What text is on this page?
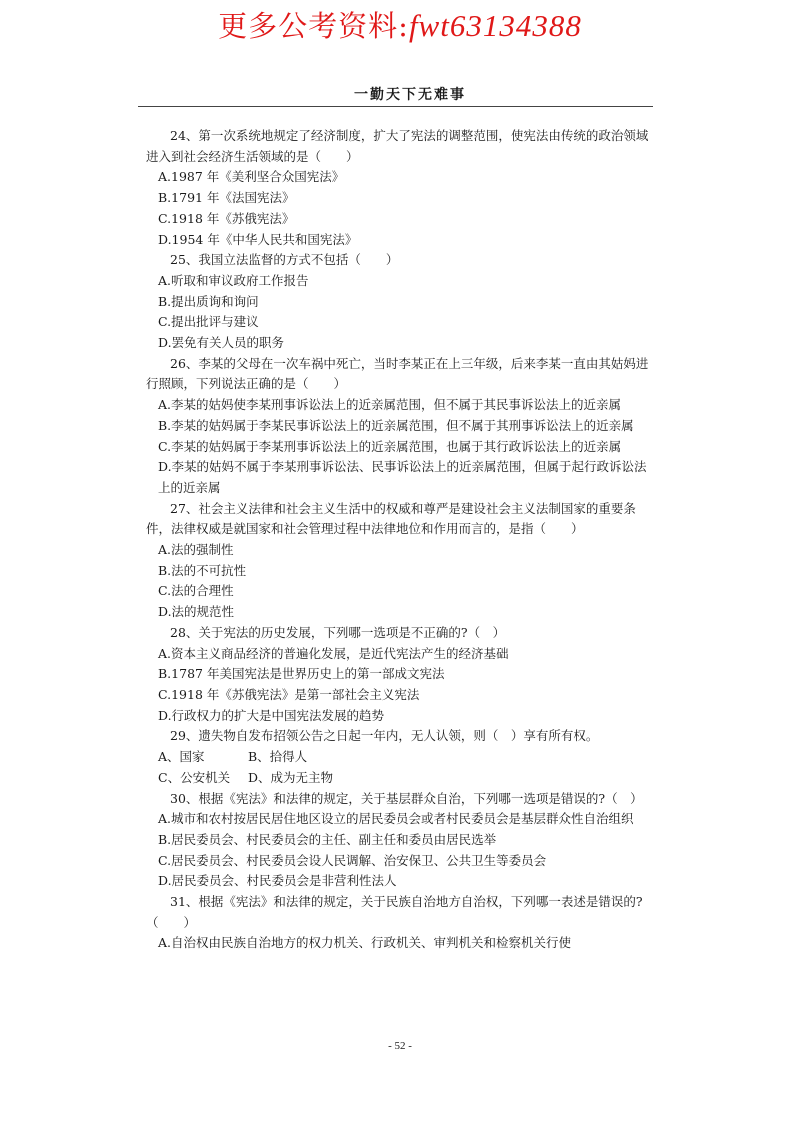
更多公考资料:fwt63134388
一勤天下无难事

24、第一次系统地规定了经济制度，扩大了宪法的调整范围，使宪法由传统的政治领域进入到社会经济生活领域的是（　　）

A.1987 年《美利坚合众国宪法》

B.1791 年《法国宪法》

C.1918 年《苏俄宪法》

D.1954 年《中华人民共和国宪法》

25、我国立法监督的方式不包括（　　）

A.听取和审议政府工作报告

B.提出质询和询问

C.提出批评与建议

D.罢免有关人员的职务

26、李某的父母在一次车祸中死亡，当时李某正在上三年级，后来李某一直由其姑妈进行照顾，下列说法正确的是（　　）

A.李某的姑妈使李某刑事诉讼法上的近亲属范围，但不属于其民事诉讼法上的近亲属

B.李某的姑妈属于李某民事诉讼法上的近亲属范围，但不属于其刑事诉讼法上的近亲属

C.李某的姑妈属于李某刑事诉讼法上的近亲属范围，也属于其行政诉讼法上的近亲属

D.李某的姑妈不属于李某刑事诉讼法、民事诉讼法上的近亲属范围，但属于起行政诉讼法上的近亲属

27、社会主义法律和社会主义生活中的权威和尊严是建设社会主义法制国家的重要条件，法律权威是就国家和社会管理过程中法律地位和作用而言的，是指（　　）

A.法的强制性

B.法的不可抗性

C.法的合理性

D.法的规范性

28、关于宪法的历史发展，下列哪一选项是不正确的?（　）

A.资本主义商品经济的普遍化发展，是近代宪法产生的经济基础

B.1787 年美国宪法是世界历史上的第一部成文宪法

C.1918 年《苏俄宪法》是第一部社会主义宪法

D.行政权力的扩大是中国宪法发展的趋势

29、遗失物自发布招领公告之日起一年内，无人认领，则（　）享有所有权。

A、国家	B、拾得人

C、公安机关 D、成为无主物

30、根据《宪法》和法律的规定，关于基层群众自治，下列哪一选项是错误的?（　）

A.城市和农村按居民居住地区设立的居民委员会或者村民委员会是基层群众性自治组织

B.居民委员会、村民委员会的主任、副主任和委员由居民选举

C.居民委员会、村民委员会设人民调解、治安保卫、公共卫生等委员会

D.居民委员会、村民委员会是非营利性法人

31、根据《宪法》和法律的规定，关于民族自治地方自治权，下列哪一表述是错误的?（　　）

A.自治权由民族自治地方的权力机关、行政机关、审判机关和检察机关行使

- 52 -
